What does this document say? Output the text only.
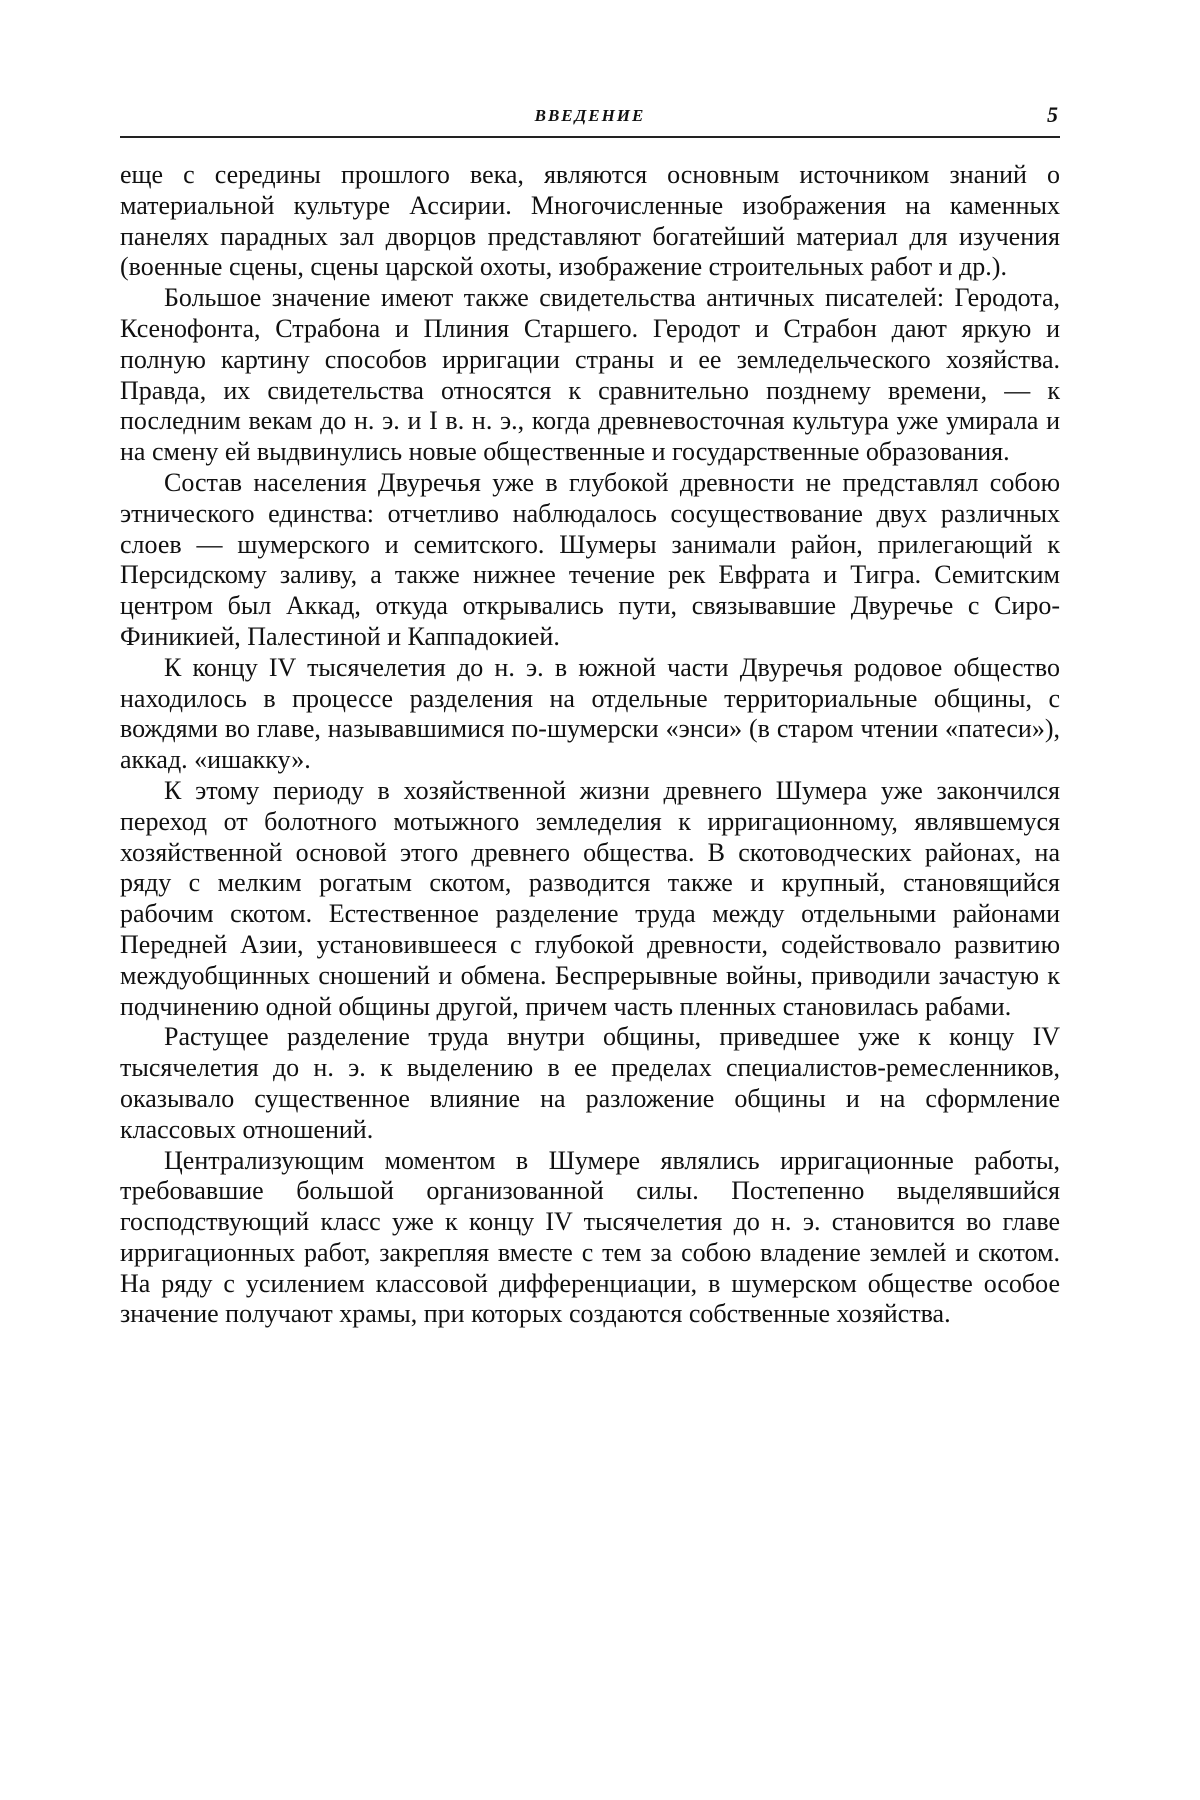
ВВЕДЕНИЕ	5

еще с середины прошлого века, являются основным источником знаний о материальной культуре Ассирии. Многочисленные изображения на каменных панелях парадных зал дворцов представляют богатейший материал для изучения (военные сцены, сцены царской охоты, изображение строительных работ и др.).

Большое значение имеют также свидетельства античных писателей: Геродота, Ксенофонта, Страбона и Плиния Старшего. Геродот и Страбон дают яркую и полную картину способов ирригации страны и ее земледельческого хозяйства. Правда, их свидетельства относятся к сравнительно позднему времени, — к последним векам до н. э. и I в. н. э., когда древневосточная культура уже умирала и на смену ей выдвинулись новые общественные и государственные образования.

Состав населения Двуречья уже в глубокой древности не представлял собою этнического единства: отчетливо наблюдалось сосуществование двух различных слоев — шумерского и семитского. Шумеры занимали район, прилегающий к Персидскому заливу, а также нижнее течение рек Евфрата и Тигра. Семитским центром был Аккад, откуда открывались пути, связывавшие Двуречье с Сиро-Финикией, Палестиной и Каппадокией.

К концу IV тысячелетия до н. э. в южной части Двуречья родовое общество находилось в процессе разделения на отдельные территориальные общины, с вождями во главе, называвшимися по-шумерски «энси» (в старом чтении «патеси»), аккад. «ишакку».

К этому периоду в хозяйственной жизни древнего Шумера уже закончился переход от болотного мотыжного земледелия к ирригационному, являвшемуся хозяйственной основой этого древнего общества. В скотоводческих районах, на ряду с мелким рогатым скотом, разводится также и крупный, становящийся рабочим скотом. Естественное разделение труда между отдельными районами Передней Азии, установившееся с глубокой древности, содействовало развитию междуобщинных сношений и обмена. Беспрерывные войны, приводили зачастую к подчинению одной общины другой, причем часть пленных становилась рабами.

Растущее разделение труда внутри общины, приведшее уже к концу IV тысячелетия до н. э. к выделению в ее пределах специалистов-ремесленников, оказывало существенное влияние на разложение общины и на сформление классовых отношений.

Централизующим моментом в Шумере являлись ирригационные работы, требовавшие большой организованной силы. Постепенно выделявшийся господствующий класс уже к концу IV тысячелетия до н. э. становится во главе ирригационных работ, закрепляя вместе с тем за собою владение землей и скотом. На ряду с усилением классовой дифференциации, в шумерском обществе особое значение получают храмы, при которых создаются собственные хозяйства.
